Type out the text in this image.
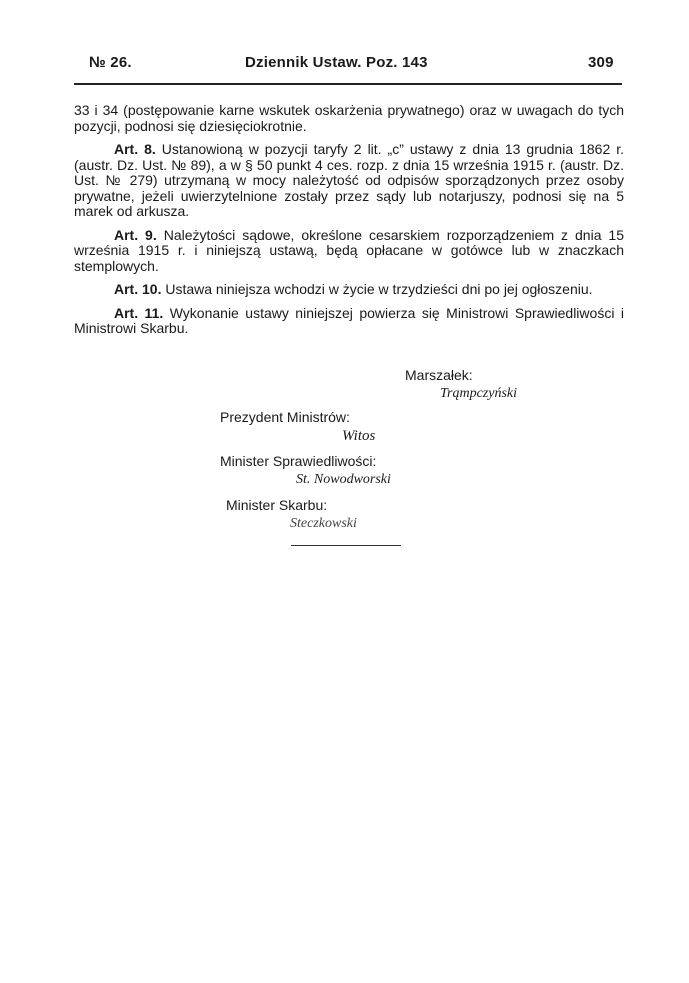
№ 26.	Dziennik Ustaw. Poz. 143	309

33 i 34 (postępowanie karne wskutek oskarżenia prywatnego) oraz w uwagach do tych pozycji, podnosi się dziesięciokrotnie.

Art. 8. Ustanowioną w pozycji taryfy 2 lit. „c” ustawy z dnia 13 grudnia 1862 r. (austr. Dz. Ust. № 89), a w § 50 punkt 4 ces. rozp. z dnia 15 września 1915 r. (austr. Dz. Ust. № 279) utrzymaną w mocy należytość od odpisów sporządzonych przez osoby prywatne, jeżeli uwierzytelnione zostały przez sądy lub notarjuszy, podnosi się na 5 marek od arkusza.

Art. 9. Należytości sądowe, określone cesarskiem rozporządzeniem z dnia 15 września 1915 r. i niniejszą ustawą, będą opłacane w gotówce lub w znaczkach stemplowych.

Art. 10. Ustawa niniejsza wchodzi w życie w trzydzieści dni po jej ogłoszeniu.

Art. 11. Wykonanie ustawy niniejszej powierza się Ministrowi Sprawiedliwości i Ministrowi Skarbu.

Marszałek:
Trąmpczyński
Prezydent Ministrów:
Witos
Minister Sprawiedliwości:
St. Nowodworski
Minister Skarbu:
Steczkowski
